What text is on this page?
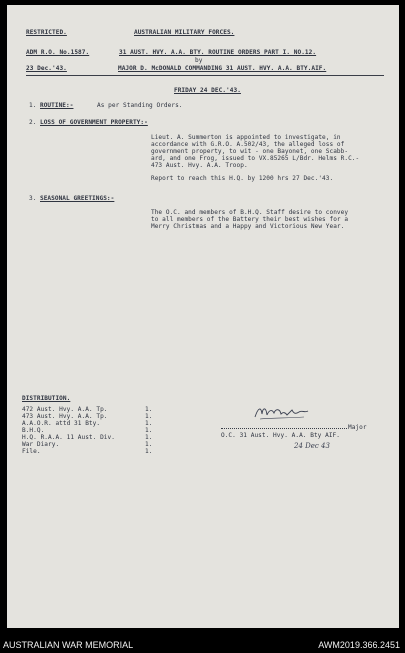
RESTRICTED.	AUSTRALIAN MILITARY FORCES.
ADM R.O. No.1587.	31 AUST. HVY. A.A. BTY. ROUTINE ORDERS PART I. NO.12.
by
23 Dec.'43.	MAJOR D. McDONALD COMMANDING 31 AUST. HVY. A.A. BTY.AIF.
FRIDAY 24 DEC.'43.
1. ROUTINE:-	As per Standing Orders.
2. LOSS OF GOVERNMENT PROPERTY:-
Lieut. A. Summerton is appointed to investigate, in
accordance with G.R.O. A.502/43, the alleged loss of
government property, to wit - one Bayonet, one Scabb-
ard, and one Frog, issued to VX.85265 L/Bdr. Helms R.C.-
473 Aust. Hvy. A.A. Troop.
Report to reach this H.Q. by 1200 hrs 27 Dec.'43.
3. SEASONAL GREETINGS:-
The O.C. and members of B.H.Q. Staff desire to convey
to all members of the Battery their best wishes for a
Merry Christmas and a Happy and Victorious New Year.
DISTRIBUTION.
472 Aust. Hvy. A.A. Tp.	1.
473 Aust. Hvy. A.A. Tp.	1.
A.A.O.R. attd 31 Bty.	1.
B.H.Q.	1.
H.Q. R.A.A. 11 Aust. Div.	1.
War Diary.	1.
File.	1.
Major
O.C. 31 Aust. Hvy. A.A. Bty AIF.
24 Dec 43
AUSTRALIAN WAR MEMORIAL	AWM2019.366.2451
